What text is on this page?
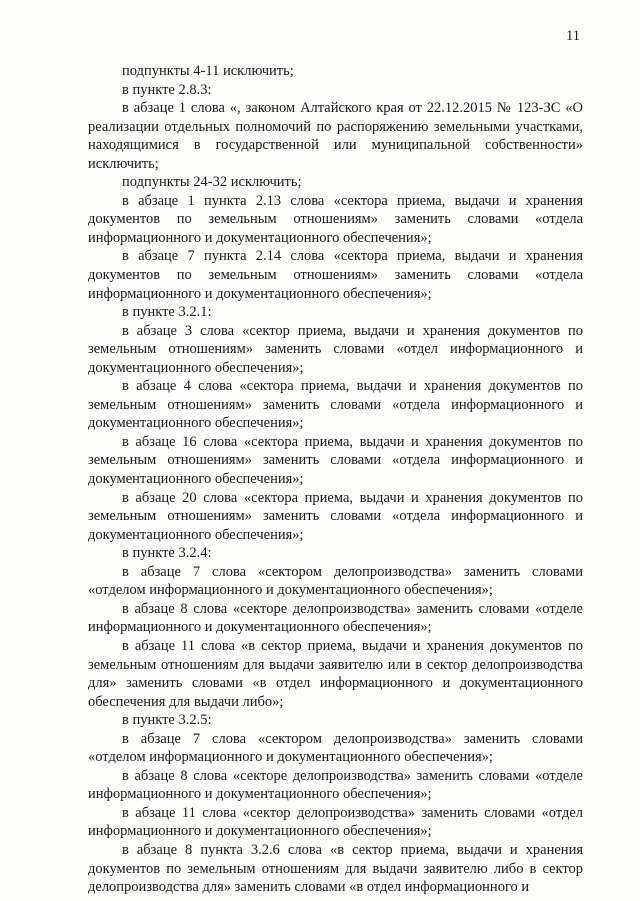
11

подпункты 4-11 исключить;

в пункте 2.8.3:

в абзаце 1 слова «, законом Алтайского края от 22.12.2015 № 123-ЗС «О реализации отдельных полномочий по распоряжению земельными участками, находящимися в государственной или муниципальной собственности» исключить;

подпункты 24-32 исключить;

в абзаце 1 пункта 2.13 слова «сектора приема, выдачи и хранения документов по земельным отношениям» заменить словами «отдела информационного и документационного обеспечения»;

в абзаце 7 пункта 2.14 слова «сектора приема, выдачи и хранения документов по земельным отношениям» заменить словами «отдела информационного и документационного обеспечения»;

в пункте 3.2.1:

в абзаце 3 слова «сектор приема, выдачи и хранения документов по земельным отношениям» заменить словами «отдел информационного и документационного обеспечения»;

в абзаце 4 слова «сектора приема, выдачи и хранения документов по земельным отношениям» заменить словами «отдела информационного и документационного обеспечения»;

в абзаце 16 слова «сектора приема, выдачи и хранения документов по земельным отношениям» заменить словами «отдела информационного и документационного обеспечения»;

в абзаце 20 слова «сектора приема, выдачи и хранения документов по земельным отношениям» заменить словами «отдела информационного и документационного обеспечения»;

в пункте 3.2.4:

в абзаце 7 слова «сектором делопроизводства» заменить словами «отделом информационного и документационного обеспечения»;

в абзаце 8 слова «секторе делопроизводства» заменить словами «отделе информационного и документационного обеспечения»;

в абзаце 11 слова «в сектор приема, выдачи и хранения документов по земельным отношениям для выдачи заявителю или в сектор делопроизводства для» заменить словами «в отдел информационного и документационного обеспечения для выдачи либо»;

в пункте 3.2.5:

в абзаце 7 слова «сектором делопроизводства» заменить словами «отделом информационного и документационного обеспечения»;

в абзаце 8 слова «секторе делопроизводства» заменить словами «отделе информационного и документационного обеспечения»;

в абзаце 11 слова «сектор делопроизводства» заменить словами «отдел информационного и документационного обеспечения»;

в абзаце 8 пункта 3.2.6 слова «в сектор приема, выдачи и хранения документов по земельным отношениям для выдачи заявителю либо в сектор делопроизводства для» заменить словами «в отдел информационного и
